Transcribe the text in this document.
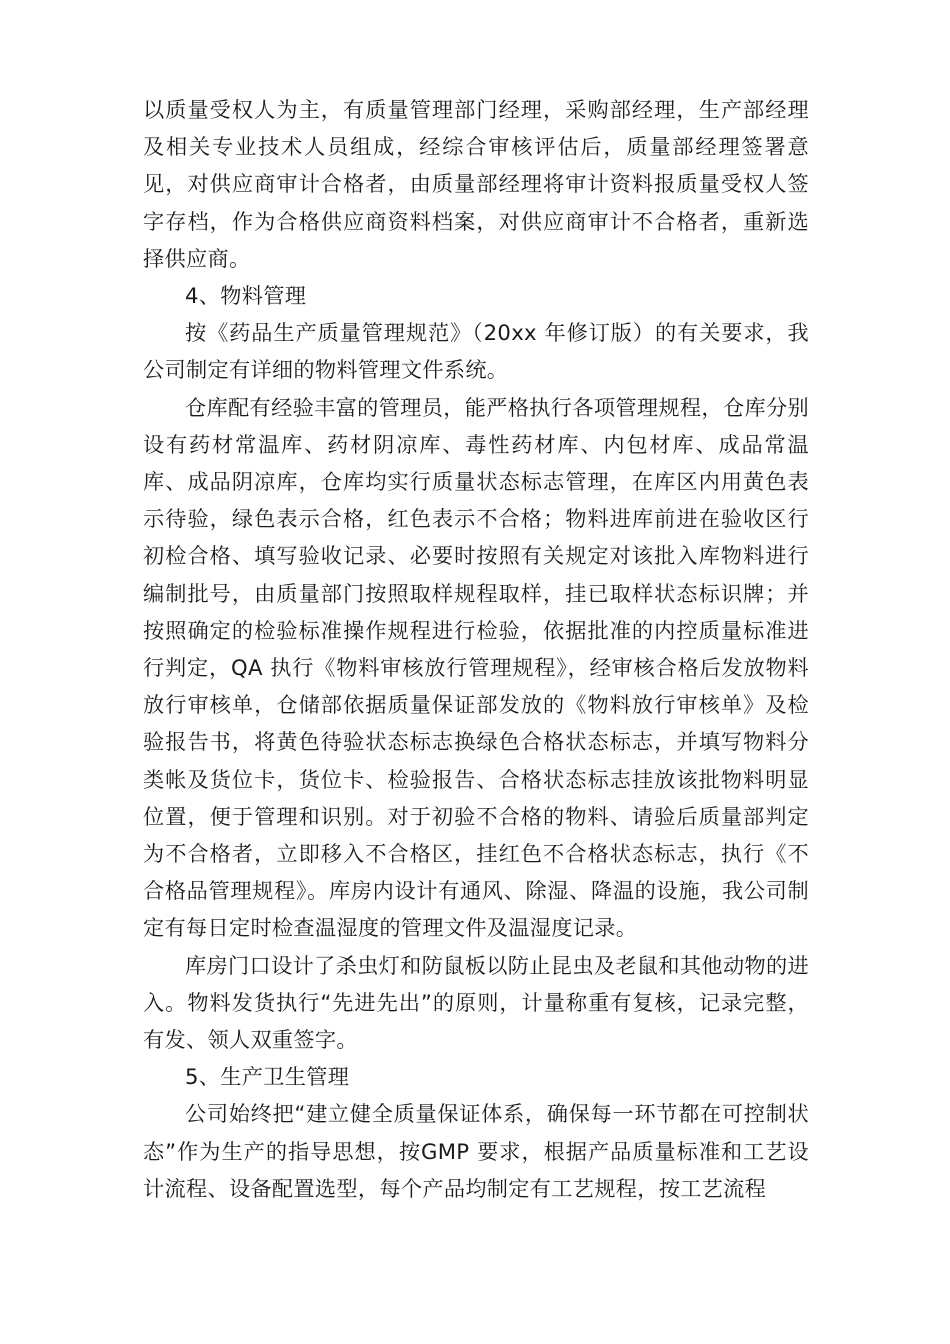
以质量受权人为主，有质量管理部门经理，采购部经理，生产部经理及相关专业技术人员组成，经综合审核评估后，质量部经理签署意见，对供应商审计合格者，由质量部经理将审计资料报质量受权人签字存档，作为合格供应商资料档案，对供应商审计不合格者，重新选择供应商。

4、物料管理

按《药品生产质量管理规范》（20xx 年修订版）的有关要求，我公司制定有详细的物料管理文件系统。

仓库配有经验丰富的管理员，能严格执行各项管理规程，仓库分别设有药材常温库、药材阴凉库、毒性药材库、内包材库、成品常温库、成品阴凉库，仓库均实行质量状态标志管理，在库区内用黄色表示待验，绿色表示合格，红色表示不合格；物料进库前进在验收区行初检合格、填写验收记录、必要时按照有关规定对该批入库物料进行编制批号，由质量部门按照取样规程取样，挂已取样状态标识牌；并按照确定的检验标准操作规程进行检验，依据批准的内控质量标准进行判定，QA 执行《物料审核放行管理规程》，经审核合格后发放物料放行审核单，仓储部依据质量保证部发放的《物料放行审核单》及检验报告书，将黄色待验状态标志换绿色合格状态标志，并填写物料分类帐及货位卡，货位卡、检验报告、合格状态标志挂放该批物料明显位置，便于管理和识别。对于初验不合格的物料、请验后质量部判定为不合格者，立即移入不合格区，挂红色不合格状态标志，执行《不合格品管理规程》。库房内设计有通风、除湿、降温的设施，我公司制定有每日定时检查温湿度的管理文件及温湿度记录。

库房门口设计了杀虫灯和防鼠板以防止昆虫及老鼠和其他动物的进入。物料发货执行“先进先出”的原则，计量称重有复核，记录完整，有发、领人双重签字。

5、生产卫生管理

公司始终把“建立健全质量保证体系，确保每一环节都在可控制状态”作为生产的指导思想，按GMP 要求，根据产品质量标准和工艺设计流程、设备配置选型，每个产品均制定有工艺规程，按工艺流程
